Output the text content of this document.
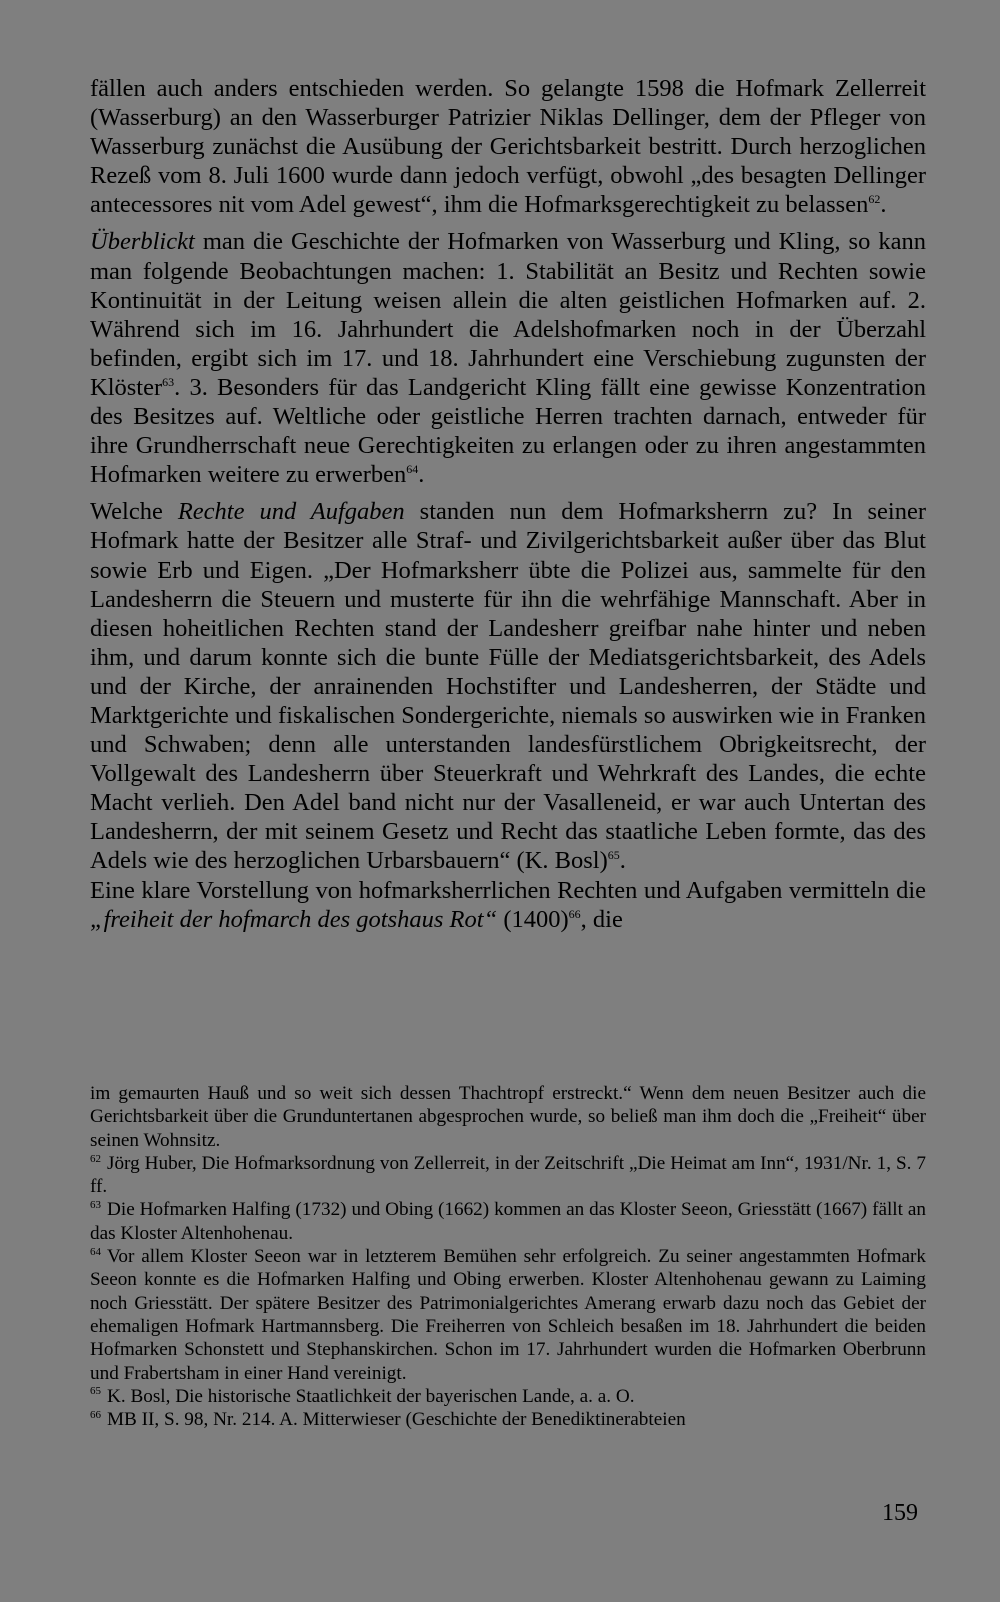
fällen auch anders entschieden werden. So gelangte 1598 die Hofmark Zellerreit (Wasserburg) an den Wasserburger Patrizier Niklas Dellinger, dem der Pfleger von Wasserburg zunächst die Ausübung der Gerichtsbarkeit bestritt. Durch herzoglichen Rezeß vom 8. Juli 1600 wurde dann jedoch verfügt, obwohl „des besagten Dellinger antecessores nit vom Adel gewest“, ihm die Hofmarksgerechtigkeit zu belassen$^{62}$.

Überblickt man die Geschichte der Hofmarken von Wasserburg und Kling, so kann man folgende Beobachtungen machen: 1. Stabilität an Besitz und Rechten sowie Kontinuität in der Leitung weisen allein die alten geistlichen Hofmarken auf. 2. Während sich im 16. Jahrhundert die Adelshofmarken noch in der Überzahl befinden, ergibt sich im 17. und 18. Jahrhundert eine Verschiebung zugunsten der Klöster$^{63}$. 3. Besonders für das Landgericht Kling fällt eine gewisse Konzentration des Besitzes auf. Weltliche oder geistliche Herren trachten darnach, entweder für ihre Grundherrschaft neue Gerechtigkeiten zu erlangen oder zu ihren angestammten Hofmarken weitere zu erwerben$^{64}$.

Welche Rechte und Aufgaben standen nun dem Hofmarksherrn zu? In seiner Hofmark hatte der Besitzer alle Straf- und Zivilgerichtsbarkeit außer über das Blut sowie Erb und Eigen. „Der Hofmarksherr übte die Polizei aus, sammelte für den Landesherrn die Steuern und musterte für ihn die wehrfähige Mannschaft. Aber in diesen hoheitlichen Rechten stand der Landesherr greifbar nahe hinter und neben ihm, und darum konnte sich die bunte Fülle der Mediatsgerichtsbarkeit, des Adels und der Kirche, der anrainenden Hochstifter und Landesherren, der Städte und Marktgerichte und fiskalischen Sondergerichte, niemals so auswirken wie in Franken und Schwaben; denn alle unterstanden landesfürstlichem Obrigkeitsrecht, der Vollgewalt des Landesherrn über Steuerkraft und Wehrkraft des Landes, die echte Macht verlieh. Den Adel band nicht nur der Vasalleneid, er war auch Untertan des Landesherrn, der mit seinem Gesetz und Recht das staatliche Leben formte, das des Adels wie des herzoglichen Urbarsbauern“ (K. Bosl)$^{65}$.

Eine klare Vorstellung von hofmarksherrlichen Rechten und Aufgaben vermitteln die „freiheit der hofmarch des gotshaus Rot“ $(1400)^{66}$, die

im gemaurten Hauß und so weit sich dessen Thachtropf erstreckt.“ Wenn dem neuen Besitzer auch die Gerichtsbarkeit über die Grunduntertanen abgesprochen wurde, so beließ man ihm doch die „Freiheit“ über seinen Wohnsitz.

$^{62}$ Jörg Huber, Die Hofmarksordnung von Zellerreit, in der Zeitschrift „Die Heimat am Inn“, 1931/Nr. 1, S. 7 ff.

$^{63}$ Die Hofmarken Halfing (1732) und Obing (1662) kommen an das Kloster Seeon, Griesstätt (1667) fällt an das Kloster Altenhohenau.

$^{64}$ Vor allem Kloster Seeon war in letzterem Bemühen sehr erfolgreich. Zu seiner angestammten Hofmark Seeon konnte es die Hofmarken Halfing und Obing erwerben. Kloster Altenhohenau gewann zu Laiming noch Griesstätt. Der spätere Besitzer des Patrimonialgerichtes Amerang erwarb dazu noch das Gebiet der ehemaligen Hofmark Hartmannsberg. Die Freiherren von Schleich besaßen im 18. Jahrhundert die beiden Hofmarken Schonstett und Stephanskirchen. Schon im 17. Jahrhundert wurden die Hofmarken Oberbrunn und Frabertsham in einer Hand vereinigt.

$^{65}$ K. Bosl, Die historische Staatlichkeit der bayerischen Lande, a. a. O.

$^{66}$ MB II, S. 98, Nr. 214. A. Mitterwieser (Geschichte der Benediktinerabteien

159
